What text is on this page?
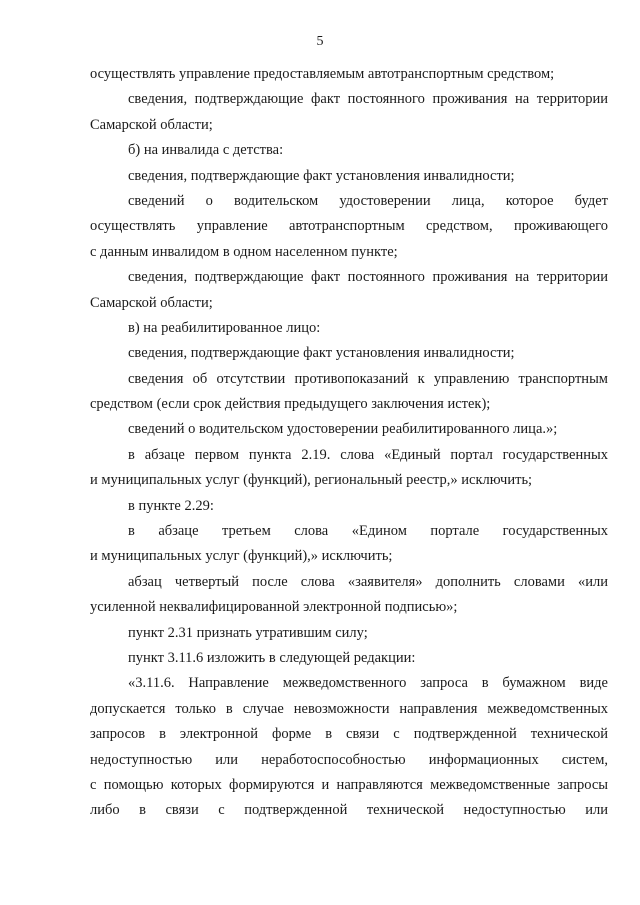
5
осуществлять управление предоставляемым автотранспортным средством;
сведения, подтверждающие факт постоянного проживания на территории
Самарской области;
б) на инвалида с детства:
сведения, подтверждающие факт установления инвалидности;
сведений о водительском удостоверении лица, которое будет
осуществлять управление автотранспортным средством, проживающего
с данным инвалидом в одном населенном пункте;
сведения, подтверждающие факт постоянного проживания на территории
Самарской области;
в) на реабилитированное лицо:
сведения, подтверждающие факт установления инвалидности;
сведения об отсутствии противопоказаний к управлению транспортным
средством (если срок действия предыдущего заключения истек);
сведений о водительском удостоверении реабилитированного лица.»;
в абзаце первом пункта 2.19. слова «Единый портал государственных
и муниципальных услуг (функций), региональный реестр,» исключить;
в пункте 2.29:
в абзаце третьем слова «Едином портале государственных
и муниципальных услуг (функций),» исключить;
абзац четвертый после слова «заявителя» дополнить словами «или
усиленной неквалифицированной электронной подписью»;
пункт 2.31 признать утратившим силу;
пункт 3.11.6 изложить в следующей редакции:
«3.11.6. Направление межведомственного запроса в бумажном виде
допускается только в случае невозможности направления межведомственных
запросов в электронной форме в связи с подтвержденной технической
недоступностью или неработоспособностью информационных систем,
с помощью которых формируются и направляются межведомственные запросы
либо в связи с подтвержденной технической недоступностью или
